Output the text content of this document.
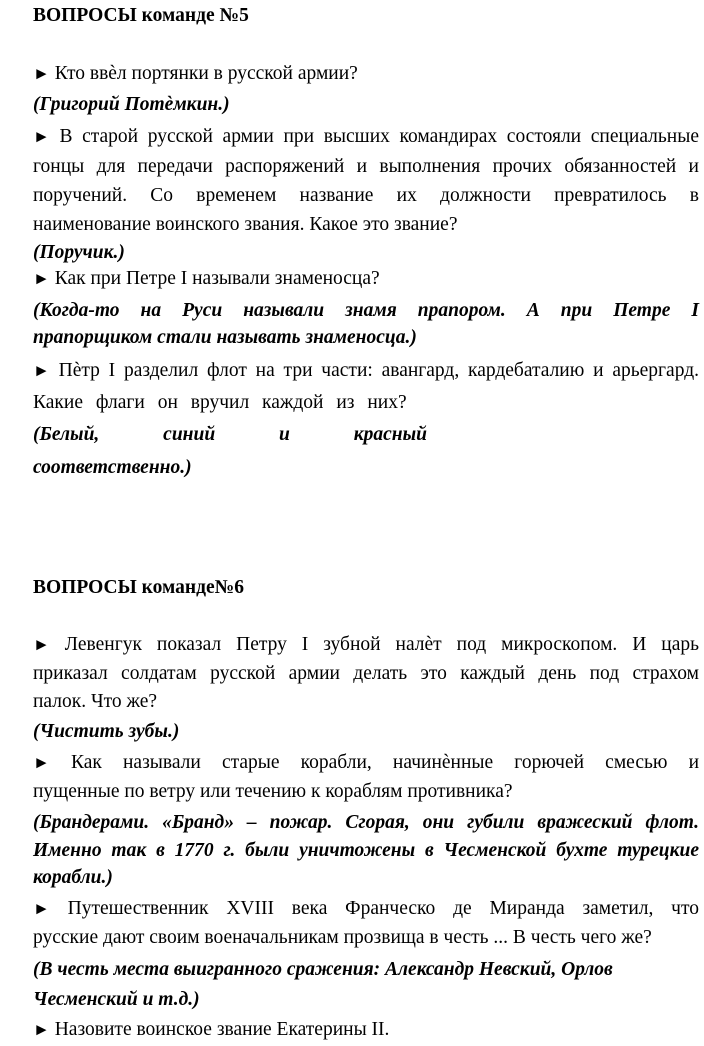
ВОПРОСЫ команде №5
► Кто ввѐл портянки в русской армии?
(Григорий Потѐмкин.)
► В старой русской армии при высших командирах состояли специальные
гонцы для передачи распоряжений и выполнения прочих обязанностей и
поручений. Со временем название их должности превратилось в
наименование воинского звания. Какое это звание?
(Поручик.)
► Как при Петре I называли знаменосца?
(Когда-то на Руси называли знамя прапором. А при Петре I
прапорщиком стали называть знаменосца.)
► Пѐтр I разделил флот на три части: авангард, кардебаталию и арьергард.
Какие флаги он вручил каждой из них?
(Белый, синий и красный
соответственно.)
ВОПРОСЫ команде№6
► Левенгук показал Петру I зубной налѐт под микроскопом. И царь
приказал солдатам русской армии делать это каждый день под страхом
палок. Что же?
(Чистить зубы.)
► Как называли старые корабли, начинѐнные горючей смесью и
пущенные по ветру или течению к кораблям противника?
(Брандерами. «Бранд» – пожар. Сгорая, они губили вражеский флот.
Именно так в 1770 г. были уничтожены в Чесменской бухте турецкие
корабли.)
► Путешественник XVIII века Франческо де Миранда заметил, что
русские дают своим военачальникам прозвища в честь ... В честь чего же?
(В честь места выигранного сражения: Александр Невский, Орлов
Чесменский и т.д.)
► Назовите воинское звание Екатерины II.
